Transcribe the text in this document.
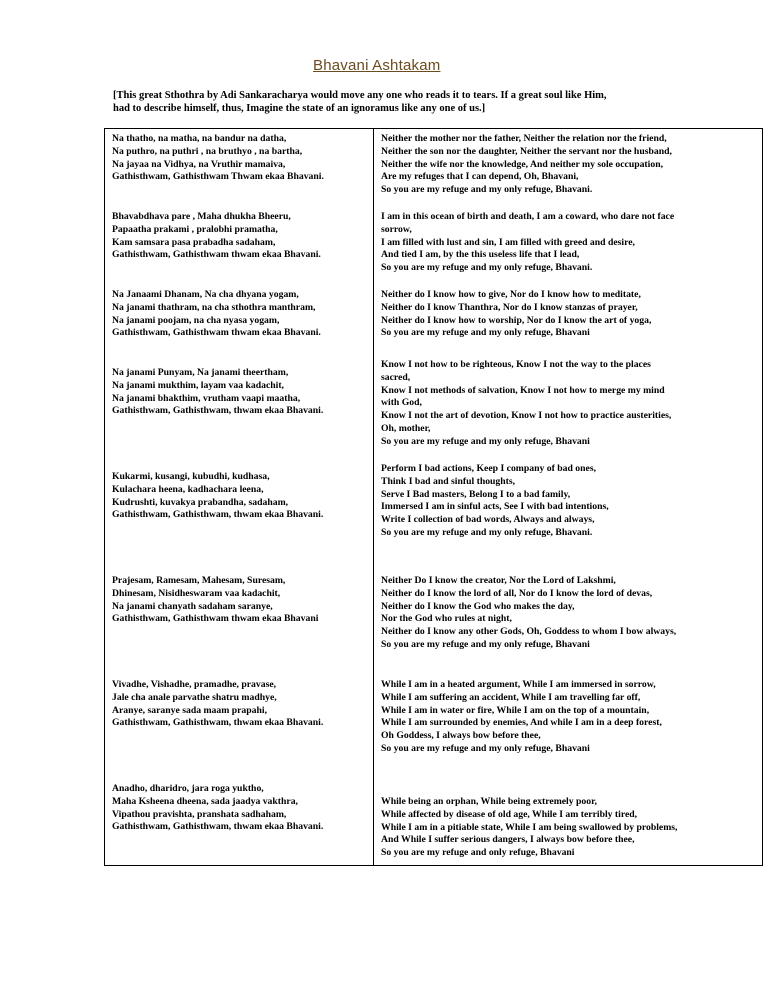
Bhavani Ashtakam
[This great Sthothra by Adi Sankaracharya would move any one who reads it to tears. If a great soul like Him,
had to describe himself, thus, Imagine the state of an ignoramus like any one of us.]
Na thatho, na matha, na bandur na datha,
Na puthro, na puthri , na bruthyo , na bartha,
Na jayaa na Vidhya, na Vruthir mamaiva,
Gathisthwam, Gathisthwam Thwam ekaa Bhavani.
Neither the mother nor the father, Neither the relation nor the friend,
Neither the son nor the daughter, Neither the servant nor the husband,
Neither the wife nor the knowledge, And neither my sole occupation,
Are my refuges that I can depend, Oh, Bhavani,
So you are my refuge and my only refuge, Bhavani.
Bhavabdhava pare , Maha dhukha Bheeru,
Papaatha prakami , pralobhi pramatha,
Kam samsara pasa prabadha sadaham,
Gathisthwam, Gathisthwam thwam ekaa Bhavani.
I am in this ocean of birth and death, I am a coward, who dare not face
sorrow,
I am filled with lust and sin, I am filled with greed and desire,
And tied I am, by the this useless life that I lead,
So you are my refuge and my only refuge, Bhavani.
Na Janaami Dhanam, Na cha dhyana yogam,
Na janami thathram, na cha sthothra manthram,
Na janami poojam, na cha nyasa yogam,
Gathisthwam, Gathisthwam thwam ekaa Bhavani.
Neither do I know how to give, Nor do I know how to meditate,
Neither do I know Thanthra, Nor do I know stanzas of prayer,
Neither do I know how to worship, Nor do I know the art of yoga,
So you are my refuge and my only refuge, Bhavani
Na janami Punyam, Na janami theertham,
Na janami mukthim, layam vaa kadachit,
Na janami bhakthim, vrutham vaapi maatha,
Gathisthwam, Gathisthwam, thwam ekaa Bhavani.
Know I not how to be righteous, Know I not the way to the places
sacred,
Know I not methods of salvation, Know I not how to merge my mind
with God,
Know I not the art of devotion, Know I not how to practice austerities,
Oh, mother,
So you are my refuge and my only refuge, Bhavani
Kukarmi, kusangi, kubudhi, kudhasa,
Kulachara heena, kadhachara leena,
Kudrushti, kuvakya prabandha, sadaham,
Gathisthwam, Gathisthwam, thwam ekaa Bhavani.
Perform I bad actions, Keep I company of bad ones,
Think I bad and sinful thoughts,
Serve I Bad masters, Belong I to a bad family,
Immersed I am in sinful acts, See I with bad intentions,
Write I collection of bad words, Always and always,
So you are my refuge and my only refuge, Bhavani.
Prajesam, Ramesam, Mahesam, Suresam,
Dhinesam, Nisidheswaram vaa kadachit,
Na janami chanyath sadaham saranye,
Gathisthwam, Gathisthwam thwam ekaa Bhavani
Neither Do I know the creator, Nor the Lord of Lakshmi,
Neither do I know the lord of all, Nor do I know the lord of devas,
Neither do I know the God who makes the day,
Nor the God who rules at night,
Neither do I know any other Gods, Oh, Goddess to whom I bow always,
So you are my refuge and my only refuge, Bhavani
Vivadhe, Vishadhe, pramadhe, pravase,
Jale cha anale parvathe shatru madhye,
Aranye, saranye sada maam prapahi,
Gathisthwam, Gathisthwam, thwam ekaa Bhavani.
While I am in a heated argument, While I am immersed in sorrow,
While I am suffering an accident, While I am travelling far off,
While I am in water or fire, While I am on the top of a mountain,
While I am surrounded by enemies, And while I am in a deep forest,
Oh Goddess, I always bow before thee,
So you are my refuge and my only refuge, Bhavani
Anadho, dharidro, jara roga yuktho,
Maha Ksheena dheena, sada jaadya vakthra,
Vipathou pravishta, pranshata sadhaham,
Gathisthwam, Gathisthwam, thwam ekaa Bhavani.
While being an orphan, While being extremely poor,
While affected by disease of old age, While I am terribly tired,
While I am in a pitiable state, While I am being swallowed by problems,
And While I suffer serious dangers, I always bow before thee,
So you are my refuge and only refuge, Bhavani
